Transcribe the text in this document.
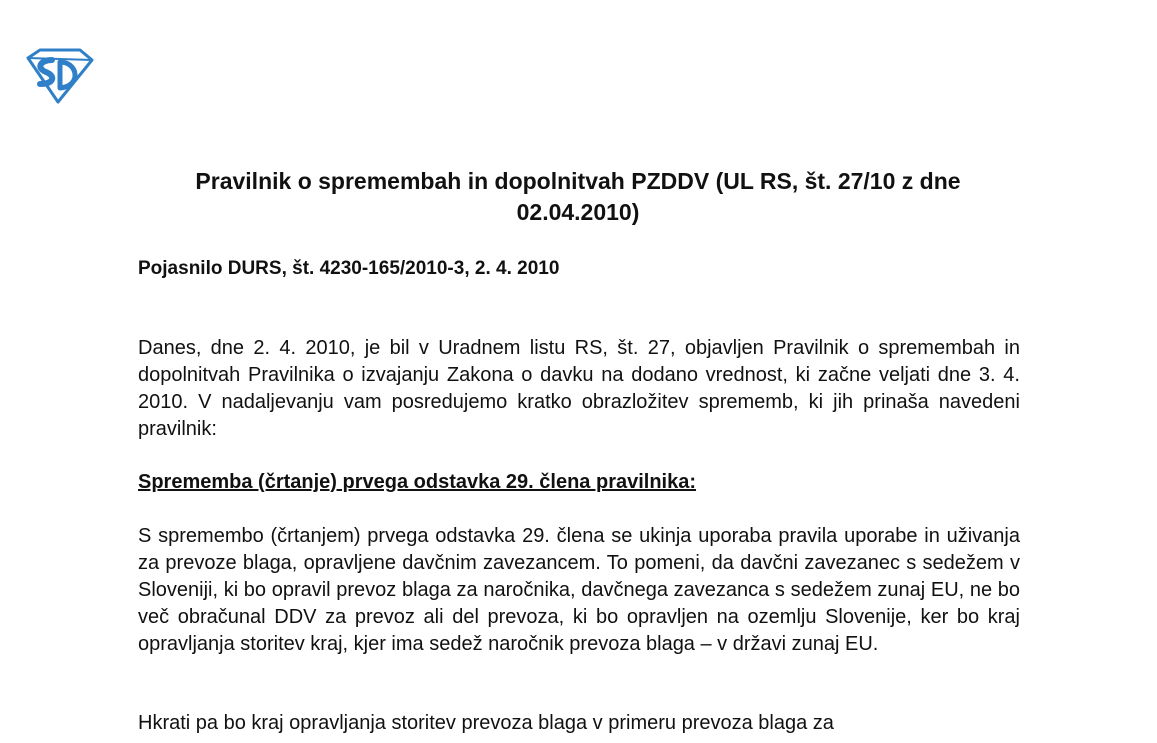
Pravilnik o spremembah in dopolnitvah PZDDV (UL RS, št. 27/10 z dne 02.04.2010)

Pojasnilo DURS, št. 4230-165/2010-3, 2. 4. 2010

Danes, dne 2. 4. 2010, je bil v Uradnem listu RS, št. 27, objavljen Pravilnik o spremembah in dopolnitvah Pravilnika o izvajanju Zakona o davku na dodano vrednost, ki začne veljati dne 3. 4. 2010. V nadaljevanju vam posredujemo kratko obrazložitev sprememb, ki jih prinaša navedeni pravilnik:

Sprememba (črtanje) prvega odstavka 29. člena pravilnika:

S spremembo (črtanjem) prvega odstavka 29. člena se ukinja uporaba pravila uporabe in uživanja za prevoze blaga, opravljene davčnim zavezancem. To pomeni, da davčni zavezanec s sedežem v Sloveniji, ki bo opravil prevoz blaga za naročnika, davčnega zavezanca s sedežem zunaj EU, ne bo več obračunal DDV za prevoz ali del prevoza, ki bo opravljen na ozemlju Slovenije, ker bo kraj opravljanja storitev kraj, kjer ima sedež naročnik prevoza blaga – v državi zunaj EU.

Hkrati pa bo kraj opravljanja storitev prevoza blaga v primeru prevoza blaga za
